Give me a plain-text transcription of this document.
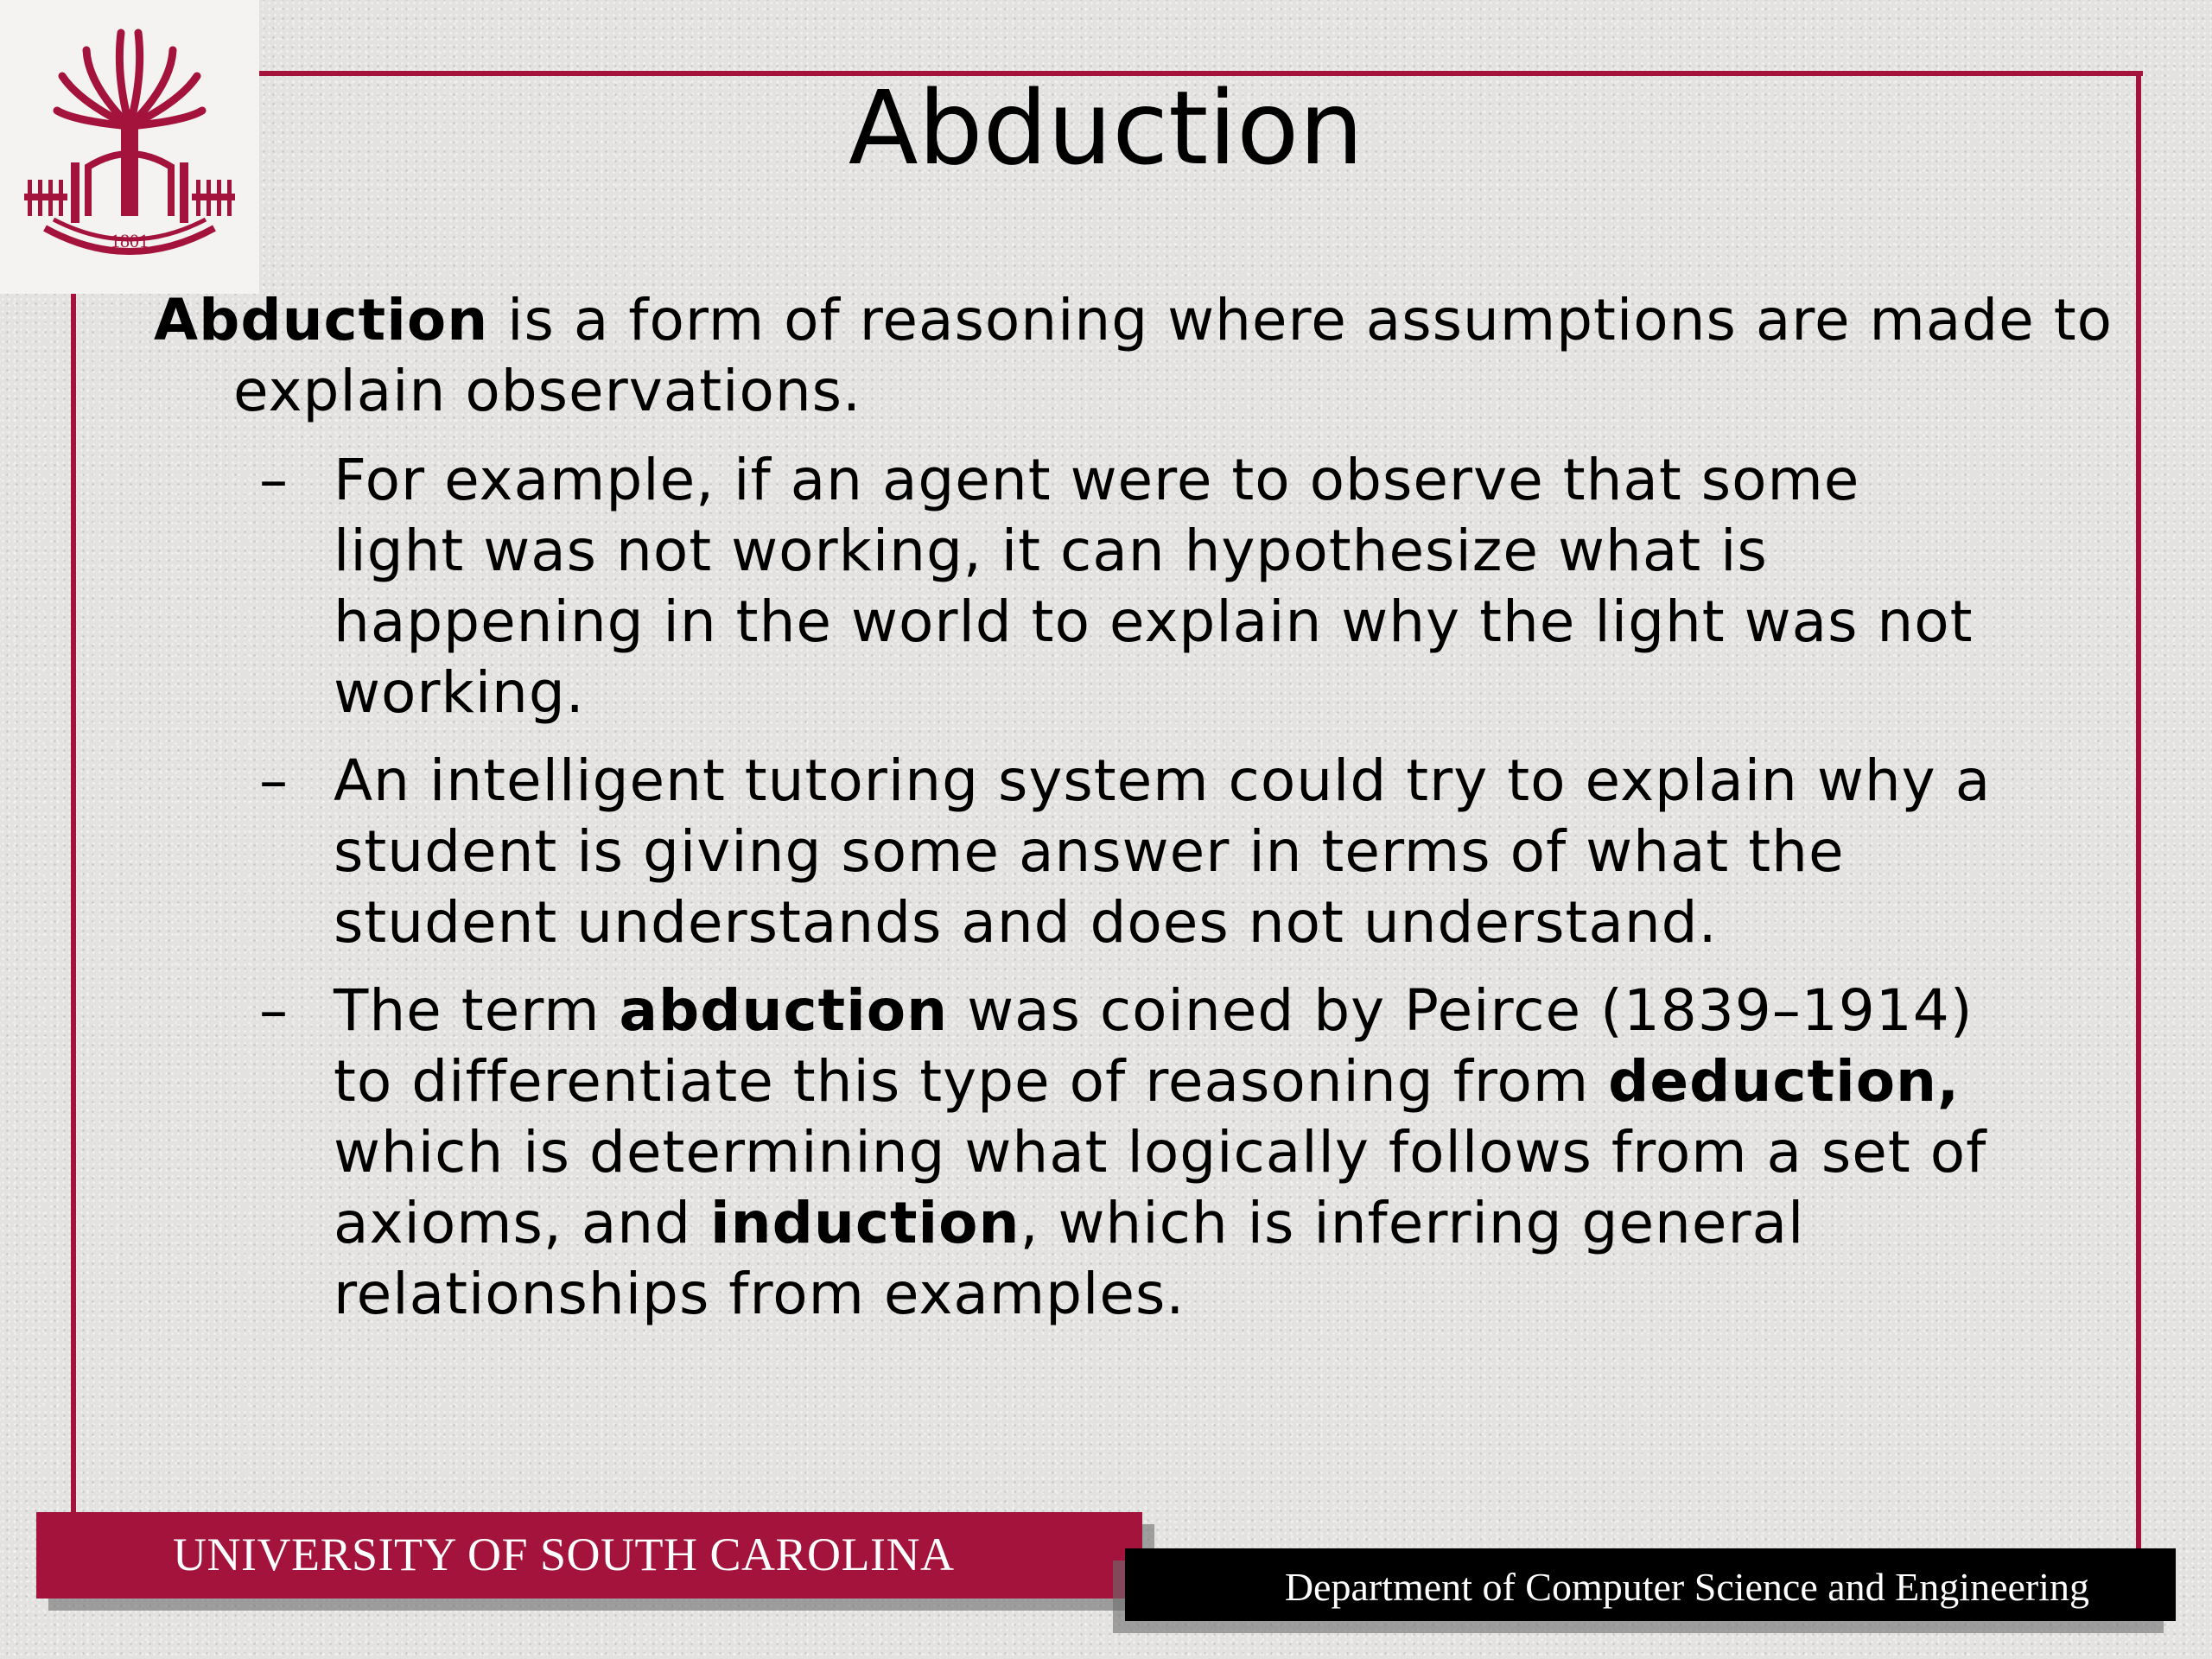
1801
Abduction

Abduction is a form of reasoning where assumptions are made to explain observations.

– For example, if an agent were to observe that some light was not working, it can hypothesize what is happening in the world to explain why the light was not working.
– An intelligent tutoring system could try to explain why a student is giving some answer in terms of what the student understands and does not understand.
– The term abduction was coined by Peirce (1839–1914) to differentiate this type of reasoning from deduction, which is determining what logically follows from a set of axioms, and induction, which is inferring general relationships from examples.
UNIVERSITY OF SOUTH CAROLINA
Department of Computer Science and Engineering
